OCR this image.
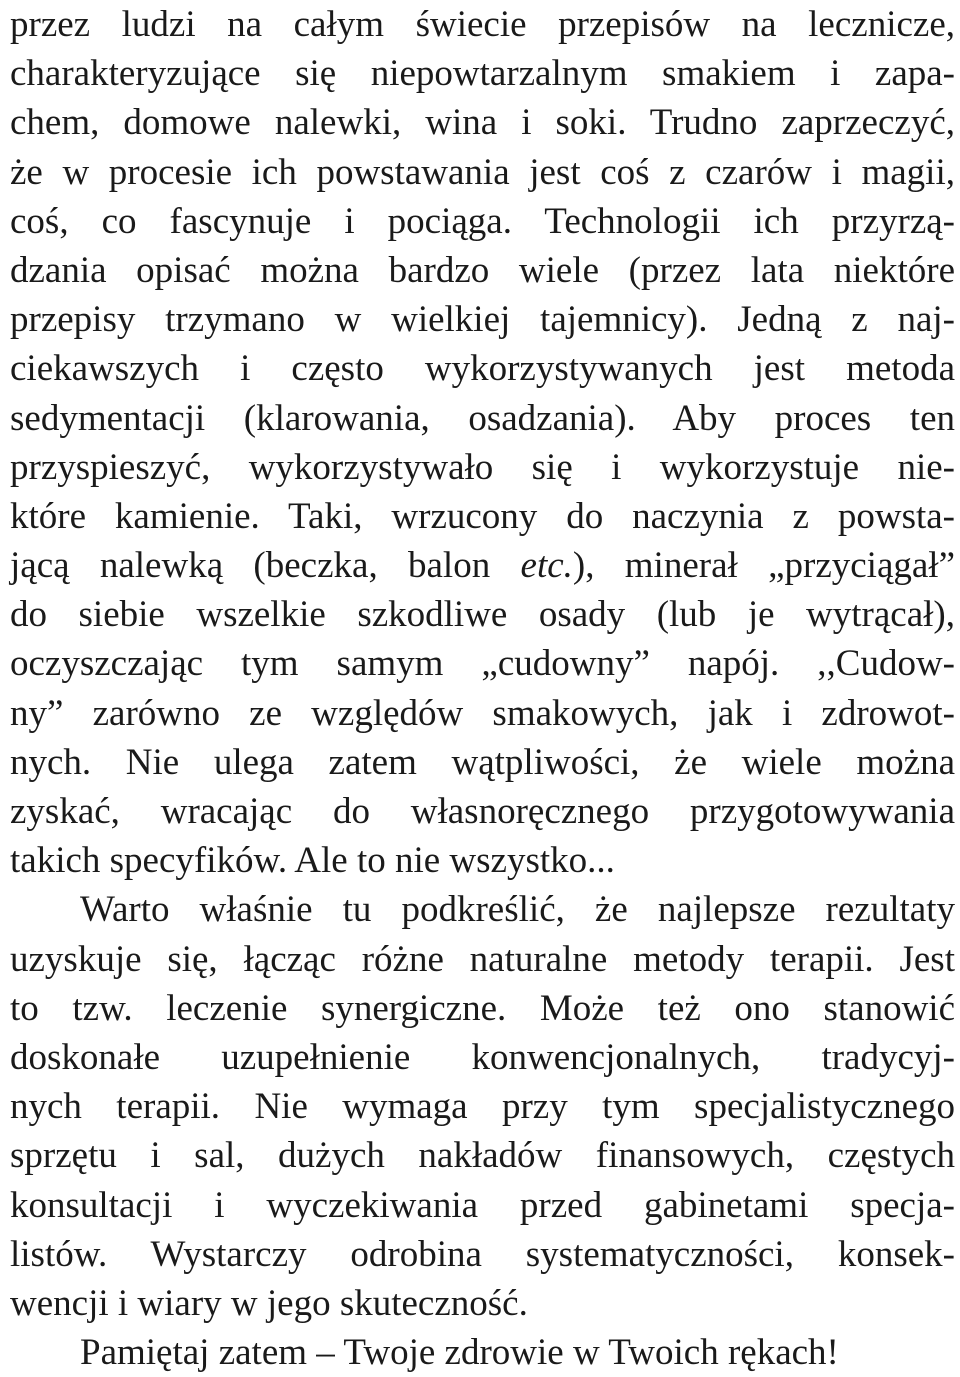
przez ludzi na całym świecie przepisów na lecznicze,
charakteryzujące się niepowtarzalnym smakiem i zapa-
chem, domowe nalewki, wina i soki. Trudno zaprzeczyć,
że w procesie ich powstawania jest coś z czarów i magii,
coś, co fascynuje i pociąga. Technologii ich przyrzą-
dzania opisać można bardzo wiele (przez lata niektóre
przepisy trzymano w wielkiej tajemnicy). Jedną z naj-
ciekawszych i często wykorzystywanych jest metoda
sedymentacji (klarowania, osadzania). Aby proces ten
przyspieszyć, wykorzystywało się i wykorzystuje nie-
które kamienie. Taki, wrzucony do naczynia z powsta-
jącą nalewką (beczka, balon etc.), minerał „przyciągał”
do siebie wszelkie szkodliwe osady (lub je wytrącał),
oczyszczając tym samym „cudowny” napój. ,,Cudow-
ny” zarówno ze względów smakowych, jak i zdrowot-
nych. Nie ulega zatem wątpliwości, że wiele można
zyskać, wracając do własnoręcznego przygotowywania
takich specyfików. Ale to nie wszystko...
Warto właśnie tu podkreślić, że najlepsze rezultaty
uzyskuje się, łącząc różne naturalne metody terapii. Jest
to tzw. leczenie synergiczne. Może też ono stanowić
doskonałe uzupełnienie konwencjonalnych, tradycyj-
nych terapii. Nie wymaga przy tym specjalistycznego
sprzętu i sal, dużych nakładów finansowych, częstych
konsultacji i wyczekiwania przed gabinetami specja-
listów. Wystarczy odrobina systematyczności, konsek-
wencji i wiary w jego skuteczność.
Pamiętaj zatem – Twoje zdrowie w Twoich rękach!
